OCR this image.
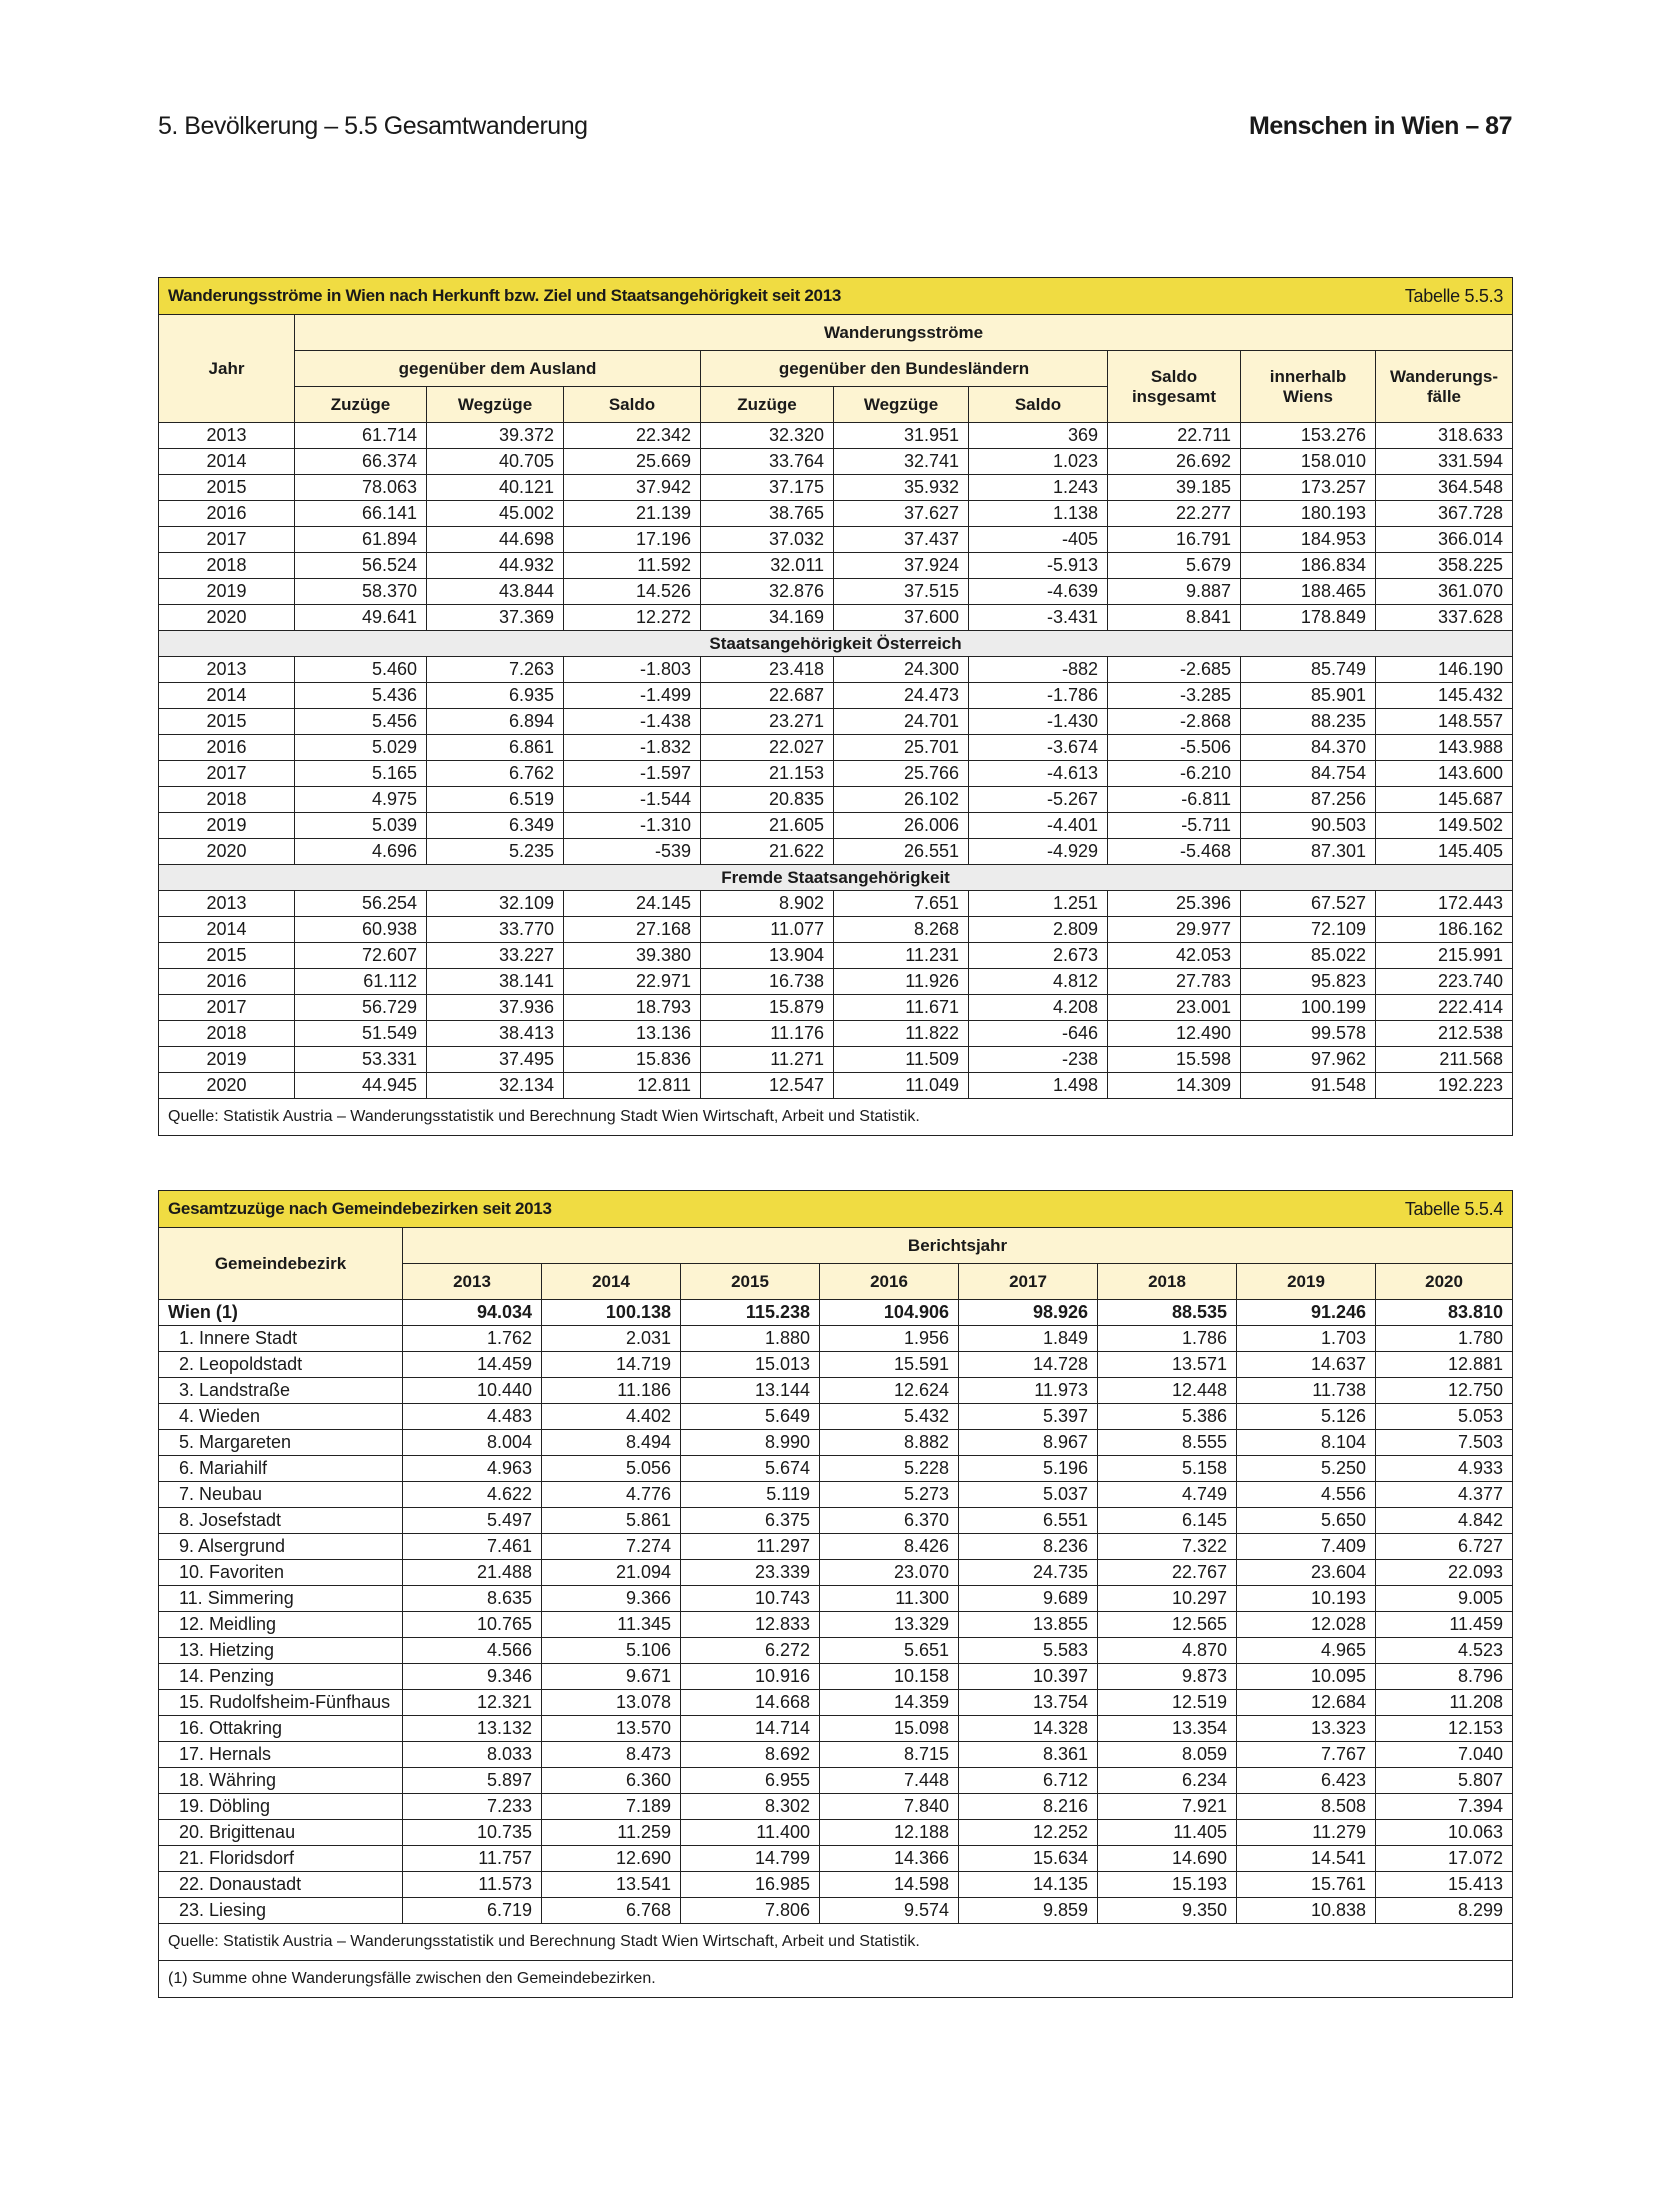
5. Bevölkerung – 5.5 Gesamtwanderung	Menschen in Wien – 87
Wanderungsströme in Wien nach Herkunft bzw. Ziel und Staatsangehörigkeit seit 2013 Tabelle 5.5.3									

Jahr	Wanderungsströme								
	gegenüber dem Ausland			gegenüber den Bundesländern			Saldo insgesamt	innerhalb Wiens	Wanderungs-fälle
	Zuzüge	Wegzüge	Saldo	Zuzüge	Wegzüge	Saldo			
2013	61.714	39.372	22.342	32.320	31.951	369	22.711	153.276	318.633
2014	66.374	40.705	25.669	33.764	32.741	1.023	26.692	158.010	331.594
2015	78.063	40.121	37.942	37.175	35.932	1.243	39.185	173.257	364.548
2016	66.141	45.002	21.139	38.765	37.627	1.138	22.277	180.193	367.728
2017	61.894	44.698	17.196	37.032	37.437	-405	16.791	184.953	366.014
2018	56.524	44.932	11.592	32.011	37.924	-5.913	5.679	186.834	358.225
2019	58.370	43.844	14.526	32.876	37.515	-4.639	9.887	188.465	361.070
2020	49.641	37.369	12.272	34.169	37.600	-3.431	8.841	178.849	337.628
Staatsangehörigkeit Österreich									
2013	5.460	7.263	-1.803	23.418	24.300	-882	-2.685	85.749	146.190
2014	5.436	6.935	-1.499	22.687	24.473	-1.786	-3.285	85.901	145.432
2015	5.456	6.894	-1.438	23.271	24.701	-1.430	-2.868	88.235	148.557
2016	5.029	6.861	-1.832	22.027	25.701	-3.674	-5.506	84.370	143.988
2017	5.165	6.762	-1.597	21.153	25.766	-4.613	-6.210	84.754	143.600
2018	4.975	6.519	-1.544	20.835	26.102	-5.267	-6.811	87.256	145.687
2019	5.039	6.349	-1.310	21.605	26.006	-4.401	-5.711	90.503	149.502
2020	4.696	5.235	-539	21.622	26.551	-4.929	-5.468	87.301	145.405
Fremde Staatsangehörigkeit									
2013	56.254	32.109	24.145	8.902	7.651	1.251	25.396	67.527	172.443
2014	60.938	33.770	27.168	11.077	8.268	2.809	29.977	72.109	186.162
2015	72.607	33.227	39.380	13.904	11.231	2.673	42.053	85.022	215.991
2016	61.112	38.141	22.971	16.738	11.926	4.812	27.783	95.823	223.740
2017	56.729	37.936	18.793	15.879	11.671	4.208	23.001	100.199	222.414
2018	51.549	38.413	13.136	11.176	11.822	-646	12.490	99.578	212.538
2019	53.331	37.495	15.836	11.271	11.509	-238	15.598	97.962	211.568
2020	44.945	32.134	12.811	12.547	11.049	1.498	14.309	91.548	192.223
Quelle: Statistik Austria – Wanderungsstatistik und Berechnung Stadt Wien Wirtschaft, Arbeit und Statistik.									
Gesamtzuzüge nach Gemeindebezirken seit 2013 Tabelle 5.5.4								

Gemeindebezirk	Berichtsjahr							
	2013	2014	2015	2016	2017	2018	2019	2020
Wien (1)	94.034	100.138	115.238	104.906	98.926	88.535	91.246	83.810
1. Innere Stadt	1.762	2.031	1.880	1.956	1.849	1.786	1.703	1.780
2. Leopoldstadt	14.459	14.719	15.013	15.591	14.728	13.571	14.637	12.881
3. Landstraße	10.440	11.186	13.144	12.624	11.973	12.448	11.738	12.750
4. Wieden	4.483	4.402	5.649	5.432	5.397	5.386	5.126	5.053
5. Margareten	8.004	8.494	8.990	8.882	8.967	8.555	8.104	7.503
6. Mariahilf	4.963	5.056	5.674	5.228	5.196	5.158	5.250	4.933
7. Neubau	4.622	4.776	5.119	5.273	5.037	4.749	4.556	4.377
8. Josefstadt	5.497	5.861	6.375	6.370	6.551	6.145	5.650	4.842
9. Alsergrund	7.461	7.274	11.297	8.426	8.236	7.322	7.409	6.727
10. Favoriten	21.488	21.094	23.339	23.070	24.735	22.767	23.604	22.093
11. Simmering	8.635	9.366	10.743	11.300	9.689	10.297	10.193	9.005
12. Meidling	10.765	11.345	12.833	13.329	13.855	12.565	12.028	11.459
13. Hietzing	4.566	5.106	6.272	5.651	5.583	4.870	4.965	4.523
14. Penzing	9.346	9.671	10.916	10.158	10.397	9.873	10.095	8.796
15. Rudolfsheim-Fünfhaus	12.321	13.078	14.668	14.359	13.754	12.519	12.684	11.208
16. Ottakring	13.132	13.570	14.714	15.098	14.328	13.354	13.323	12.153
17. Hernals	8.033	8.473	8.692	8.715	8.361	8.059	7.767	7.040
18. Währing	5.897	6.360	6.955	7.448	6.712	6.234	6.423	5.807
19. Döbling	7.233	7.189	8.302	7.840	8.216	7.921	8.508	7.394
20. Brigittenau	10.735	11.259	11.400	12.188	12.252	11.405	11.279	10.063
21. Floridsdorf	11.757	12.690	14.799	14.366	15.634	14.690	14.541	17.072
22. Donaustadt	11.573	13.541	16.985	14.598	14.135	15.193	15.761	15.413
23. Liesing	6.719	6.768	7.806	9.574	9.859	9.350	10.838	8.299
Quelle: Statistik Austria – Wanderungsstatistik und Berechnung Stadt Wien Wirtschaft, Arbeit und Statistik.								
(1) Summe ohne Wanderungsfälle zwischen den Gemeindebezirken.								
